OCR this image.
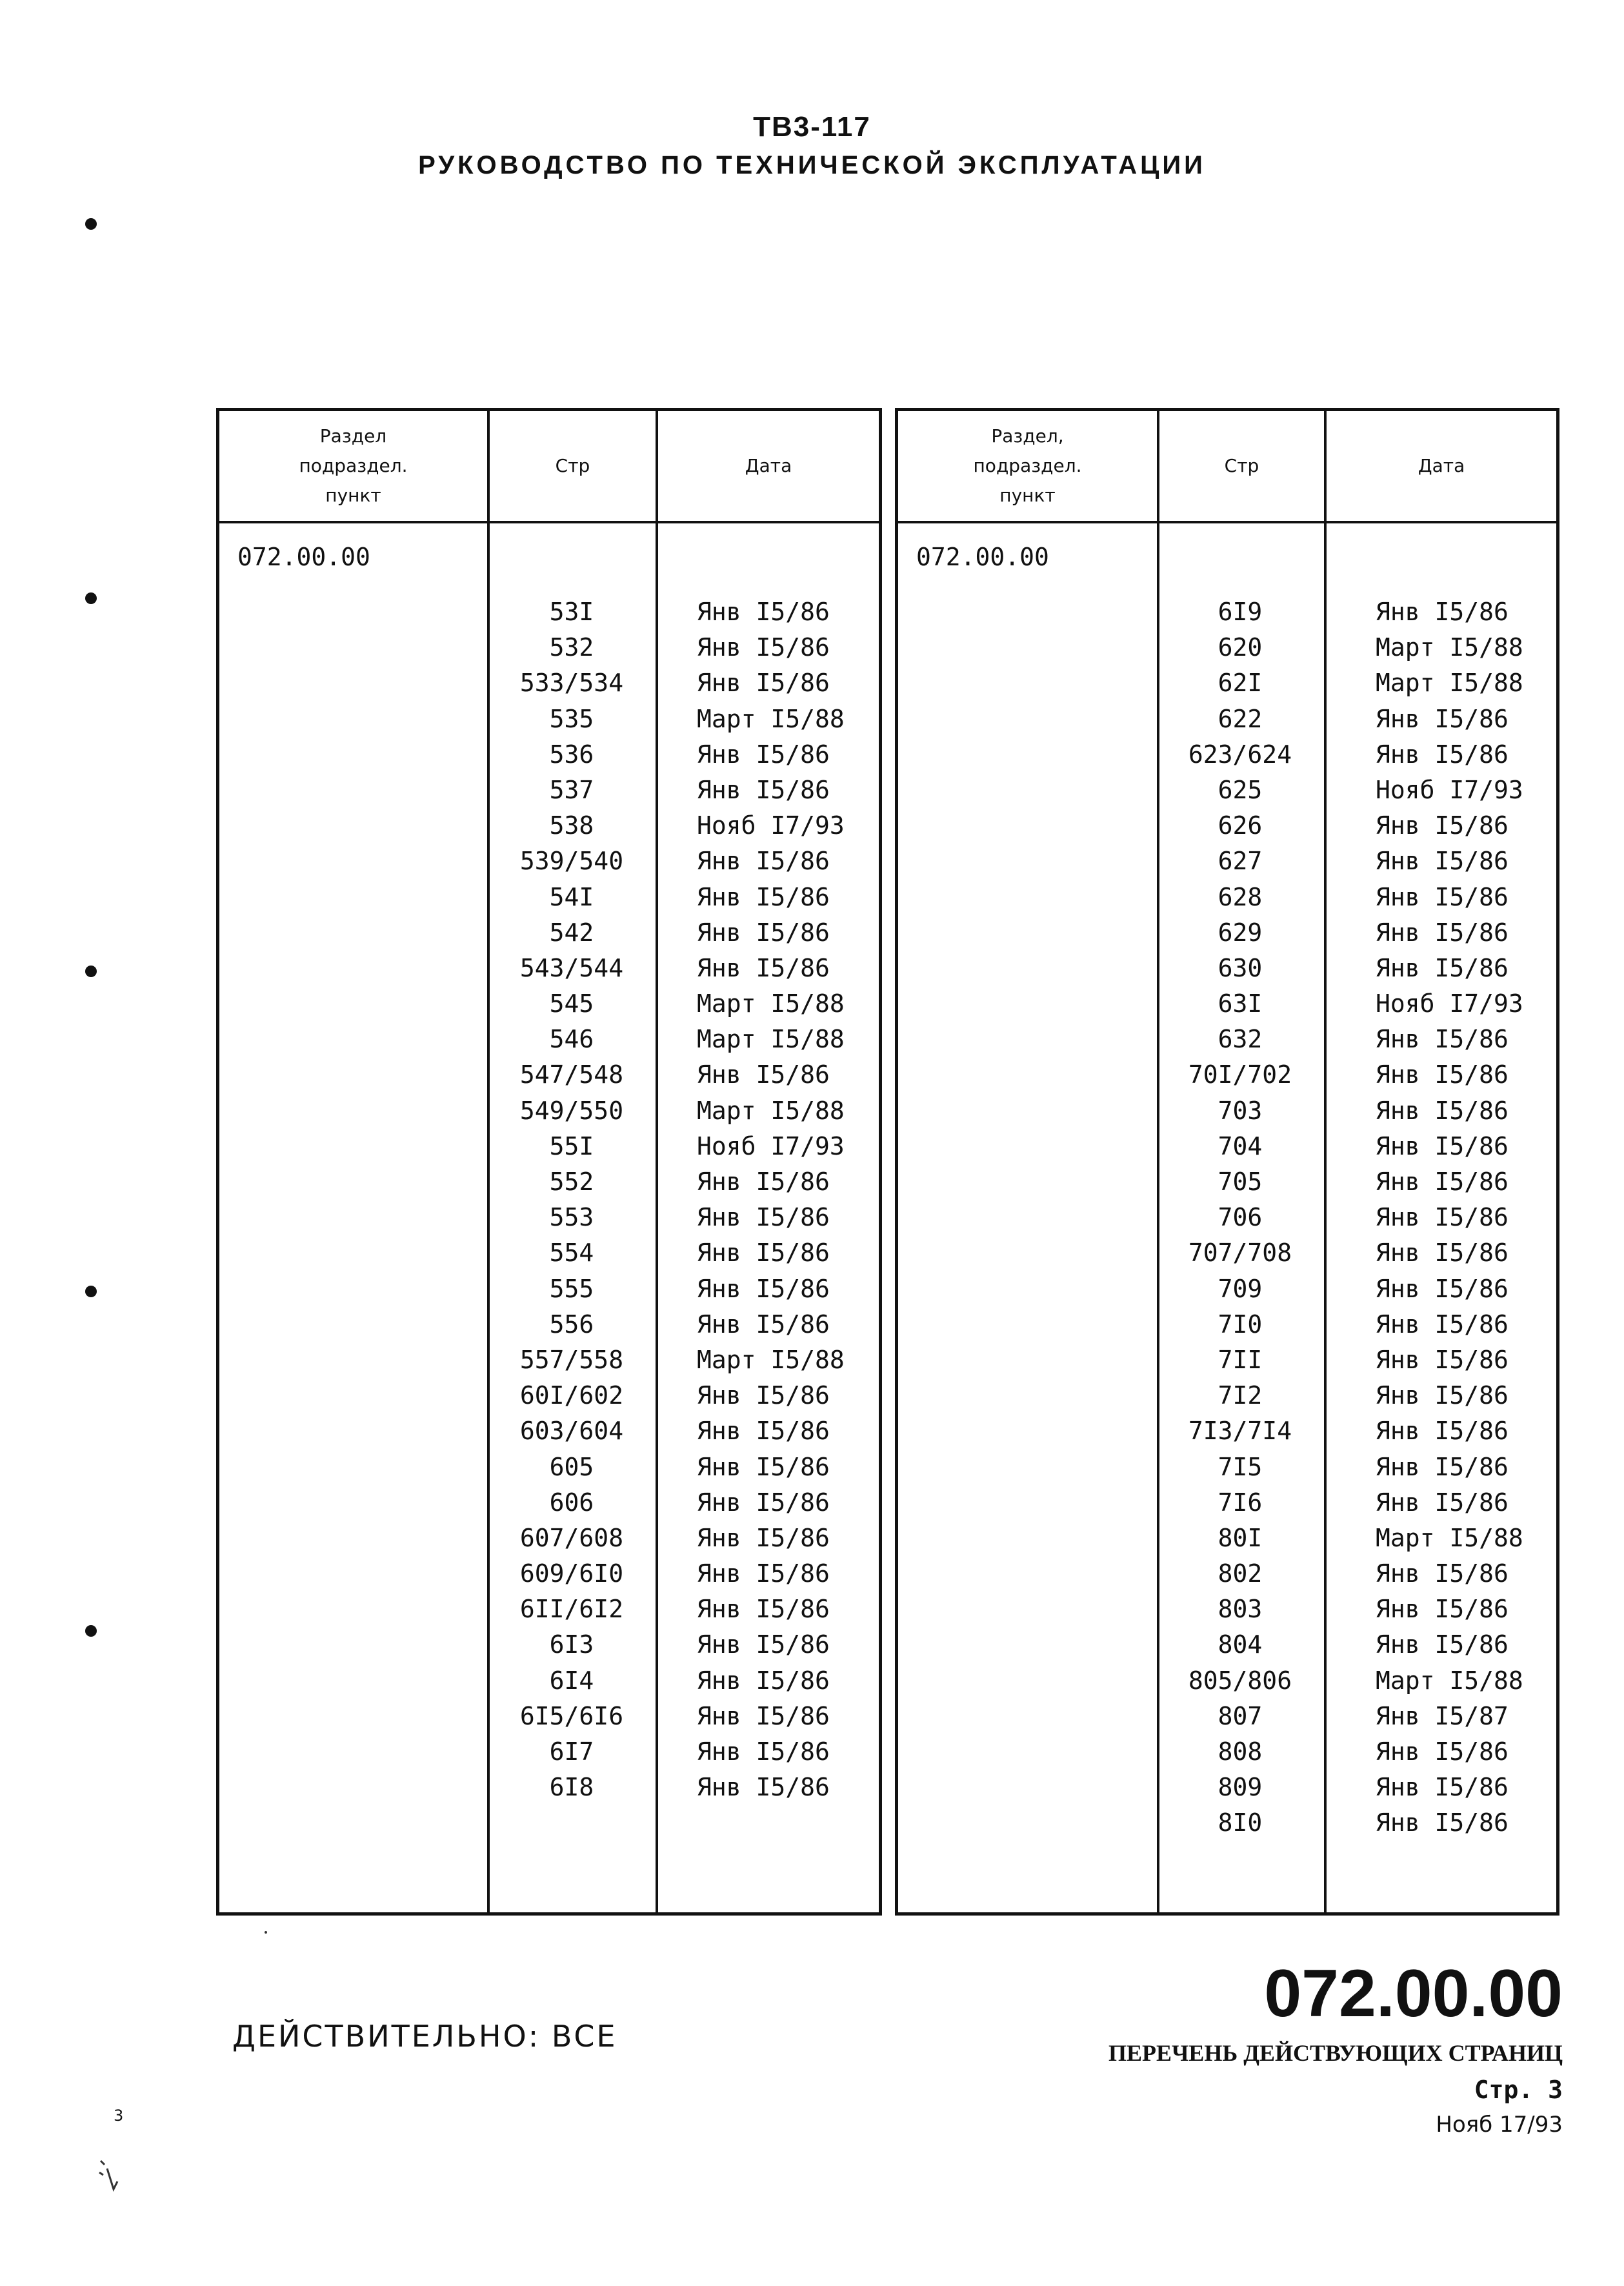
ТВ3-117
РУКОВОДСТВО ПО ТЕХНИЧЕСКОЙ ЭКСПЛУАТАЦИИ
Раздел
подраздел.
пункт
Стр	Дата
072.00.00
53I	Янв I5/86
532	Янв I5/86
533/534	Янв I5/86
535	Март I5/88
536	Янв I5/86
537	Янв I5/86
538	Нояб I7/93
539/540	Янв I5/86
54I	Янв I5/86
542	Янв I5/86
543/544	Янв I5/86
545	Март I5/88
546	Март I5/88
547/548	Янв I5/86
549/550	Март I5/88
55I	Нояб I7/93
552	Янв I5/86
553	Янв I5/86
554	Янв I5/86
555	Янв I5/86
556	Янв I5/86
557/558	Март I5/88
60I/602	Янв I5/86
603/604	Янв I5/86
605	Янв I5/86
606	Янв I5/86
607/608	Янв I5/86
609/6I0	Янв I5/86
6II/6I2	Янв I5/86
6I3	Янв I5/86
6I4	Янв I5/86
6I5/6I6	Янв I5/86
6I7	Янв I5/86
6I8	Янв I5/86
Раздел,
подраздел.
пункт
Стр	Дата
072.00.00
6I9	Янв I5/86
620	Март I5/88
62I	Март I5/88
622	Янв I5/86
623/624	Янв I5/86
625	Нояб I7/93
626	Янв I5/86
627	Янв I5/86
628	Янв I5/86
629	Янв I5/86
630	Янв I5/86
63I	Нояб I7/93
632	Янв I5/86
70I/702	Янв I5/86
703	Янв I5/86
704	Янв I5/86
705	Янв I5/86
706	Янв I5/86
707/708	Янв I5/86
709	Янв I5/86
7I0	Янв I5/86
7II	Янв I5/86
7I2	Янв I5/86
7I3/7I4	Янв I5/86
7I5	Янв I5/86
7I6	Янв I5/86
80I	Март I5/88
802	Янв I5/86
803	Янв I5/86
804	Янв I5/86
805/806	Март I5/88
807	Янв I5/87
808	Янв I5/86
809	Янв I5/86
8I0	Янв I5/86
ДЕЙСТВИТЕЛЬНО: ВСЕ
072.00.00
ПЕРЕЧЕНЬ ДЕЙСТВУЮЩИХ СТРАНИЦ
Стр. 3
Нояб 17/93
3
